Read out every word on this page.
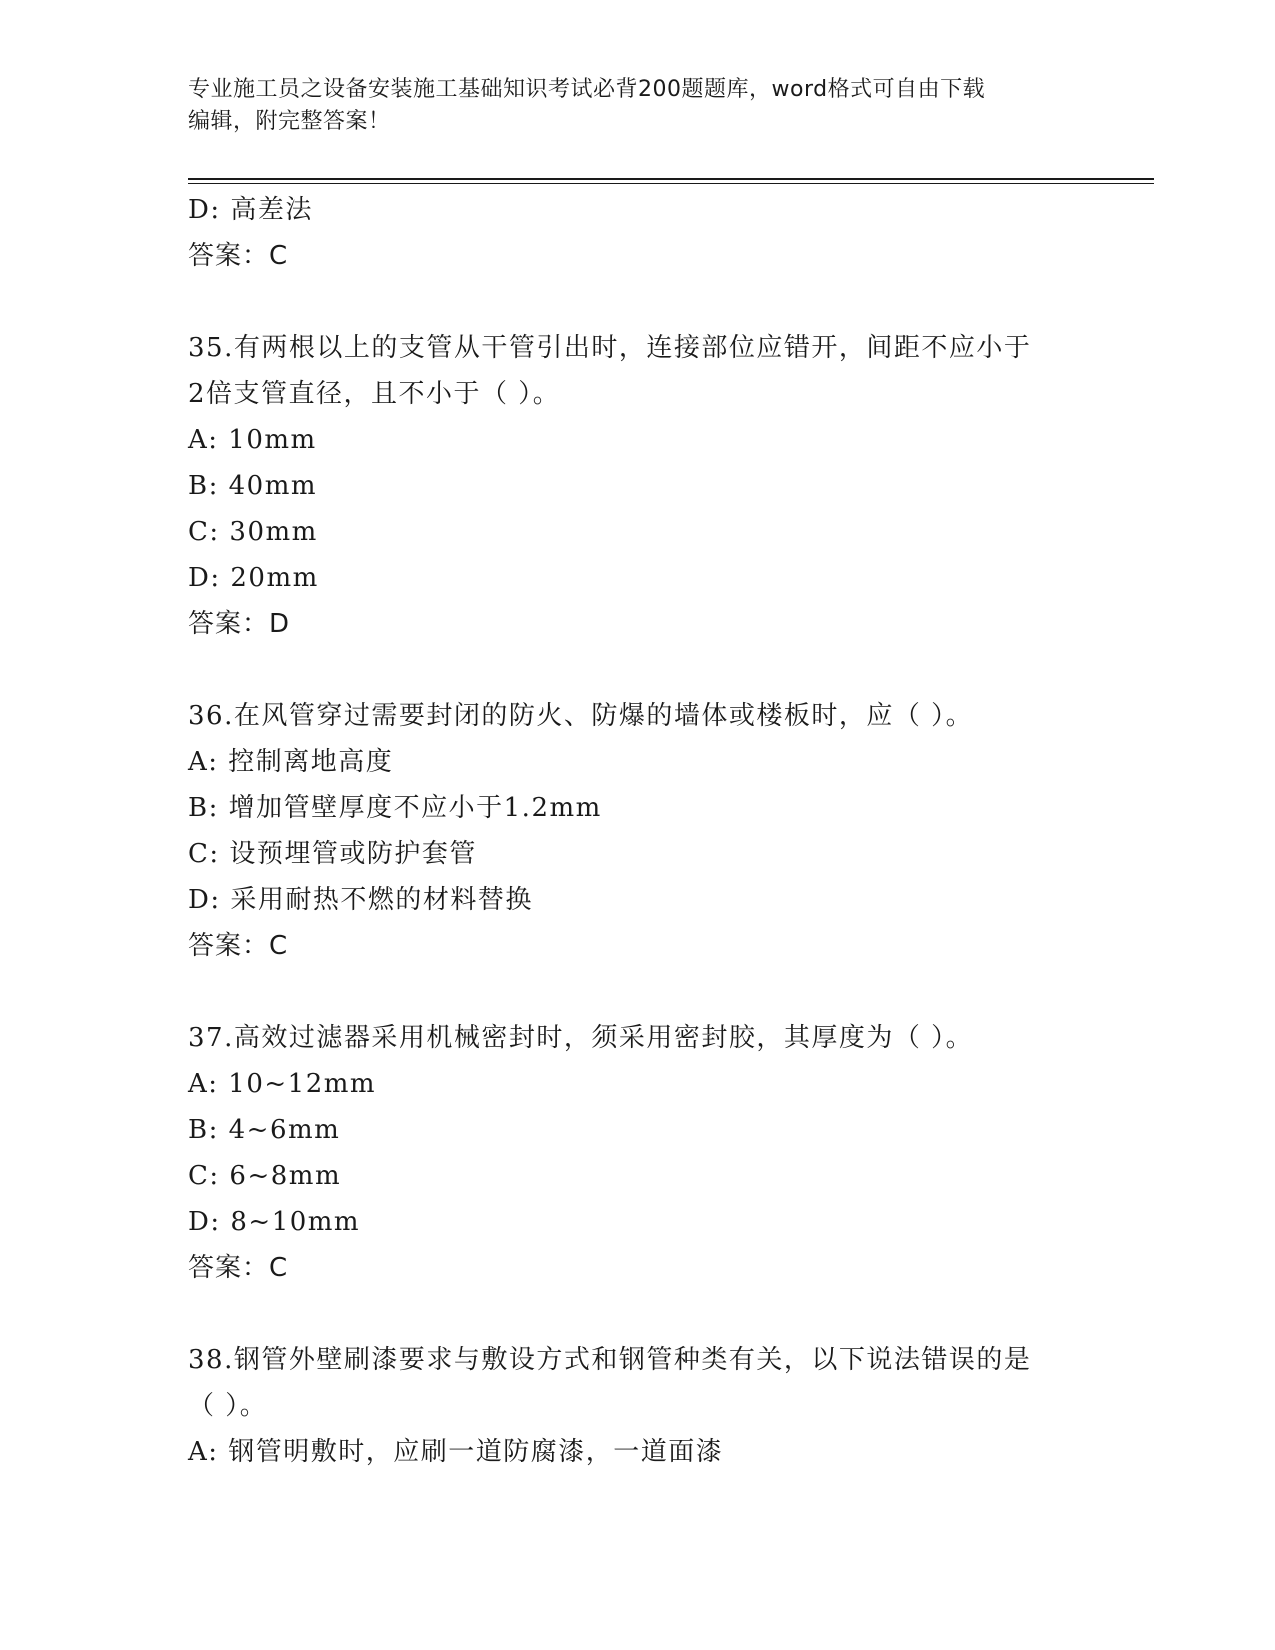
专业施工员之设备安装施工基础知识考试必背200题题库，word格式可自由下载
编辑，附完整答案！
D: 高差法
答案：C
35.有两根以上的支管从干管引出时，连接部位应错开，间距不应小于
2倍支管直径，且不小于（ ）。
A: 10mm
B: 40mm
C: 30mm
D: 20mm
答案：D
36.在风管穿过需要封闭的防火、防爆的墙体或楼板时，应（ ）。
A: 控制离地高度
B: 增加管壁厚度不应小于1.2mm
C: 设预埋管或防护套管
D: 采用耐热不燃的材料替换
答案：C
37.高效过滤器采用机械密封时，须采用密封胶，其厚度为（ ）。
A: 10~12mm
B: 4~6mm
C: 6~8mm
D: 8~10mm
答案：C
38.钢管外壁刷漆要求与敷设方式和钢管种类有关，以下说法错误的是
（ ）。
A: 钢管明敷时，应刷一道防腐漆，一道面漆
